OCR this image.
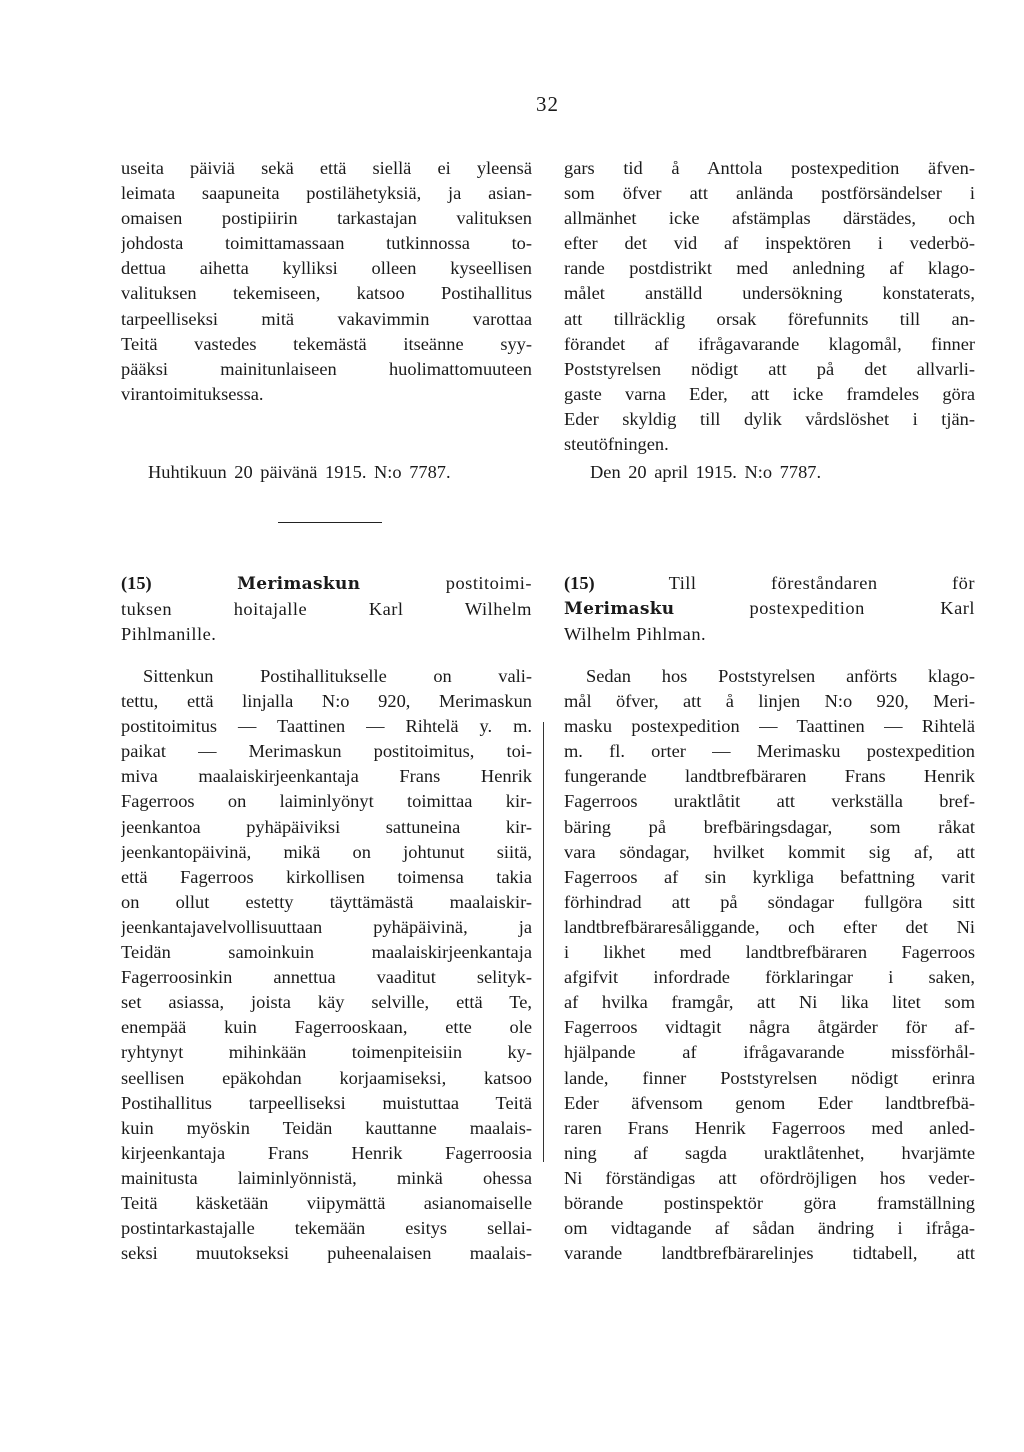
32
useita päiviä sekä että siellä ei yleensä
leimata saapuneita postilähetyksiä, ja asian-
omaisen postipiirin tarkastajan valituksen
johdosta toimittamassaan tutkinnossa to-
dettua aihetta kylliksi olleen kyseellisen
valituksen tekemiseen, katsoo Postihallitus
tarpeelliseksi mitä vakavimmin varottaa
Teitä vastedes tekemästä itseänne syy-
pääksi mainitunlaiseen huolimattomuuteen
virantoimituksessa.
Huhtikuun 20 päivänä 1915. N:o 7787.
gars tid å Anttola postexpedition äfven-
som öfver att anlända postförsändelser i
allmänhet icke afstämplas därstädes, och
efter det vid af inspektören i vederbö-
rande postdistrikt med anledning af klago-
målet anställd undersökning konstaterats,
att tillräcklig orsak förefunnits till an-
förandet af ifrågavarande klagomål, finner
Poststyrelsen nödigt att på det allvarli-
gaste varna Eder, att icke framdeles göra
Eder skyldig till dylik vårdslöshet i tjän-
steutöfningen.
Den 20 april 1915. N:o 7787.
(15)	Merimaskun	postitoimi-
tuksen hoitajalle Karl Wilhelm
Pihlmanille.
(15)	Till föreståndaren för
Merimasku	postexpedition Karl
Wilhelm Pihlman.
Sittenkun Postihallitukselle on vali-
tettu, että linjalla N:o 920, Merimaskun
postitoimitus — Taattinen — Rihtelä y. m.
paikat — Merimaskun postitoimitus, toi-
miva maalaiskirjeenkantaja Frans Henrik
Fagerroos on laiminlyönyt toimittaa kir-
jeenkantoa pyhäpäiviksi sattuneina kir-
jeenkantopäivinä, mikä on johtunut siitä,
että Fagerroos kirkollisen toimensa takia
on ollut estetty täyttämästä maalaiskir-
jeenkantajavelvollisuuttaan pyhäpäivinä, ja
Teidän samoinkuin maalaiskirjeenkantaja
Fagerroosinkin annettua vaaditut selityk-
set asiassa, joista käy selville, että Te,
enempää kuin Fagerrooskaan, ette ole
ryhtynyt mihinkään toimenpiteisiin ky-
seellisen epäkohdan korjaamiseksi, katsoo
Postihallitus tarpeelliseksi muistuttaa Teitä
kuin myöskin Teidän kauttanne maalais-
kirjeenkantaja Frans Henrik Fagerroosia
mainitusta laiminlyönnistä, minkä ohessa
Teitä käsketään viipymättä asianomaiselle
postintarkastajalle tekemään esitys sellai-
seksi muutokseksi puheenalaisen maalais-
Sedan hos Poststyrelsen anförts klago-
mål öfver, att å linjen N:o 920, Meri-
masku postexpedition — Taattinen — Rihtelä
m. fl. orter — Merimasku postexpedition
fungerande landtbrefbäraren Frans Henrik
Fagerroos uraktlåtit att verkställa bref-
bäring på brefbäringsdagar, som råkat
vara söndagar, hvilket kommit sig af, att
Fagerroos af sin kyrkliga befattning varit
förhindrad att på söndagar fullgöra sitt
landtbrefbäraresåliggande, och efter det Ni
i likhet med landtbrefbäraren Fagerroos
afgifvit infordrade förklaringar i saken,
af hvilka framgår, att Ni lika litet som
Fagerroos vidtagit några åtgärder för af-
hjälpande af ifrågavarande missförhål-
lande, finner Poststyrelsen nödigt erinra
Eder äfvensom genom Eder landtbrefbä-
raren Frans Henrik Fagerroos med anled-
ning af sagda uraktlåtenhet, hvarjämte
Ni förständigas att ofördröjligen hos veder-
börande postinspektör göra framställning
om vidtagande af sådan ändring i ifråga-
varande landtbrefbärarelinjes tidtabell, att
